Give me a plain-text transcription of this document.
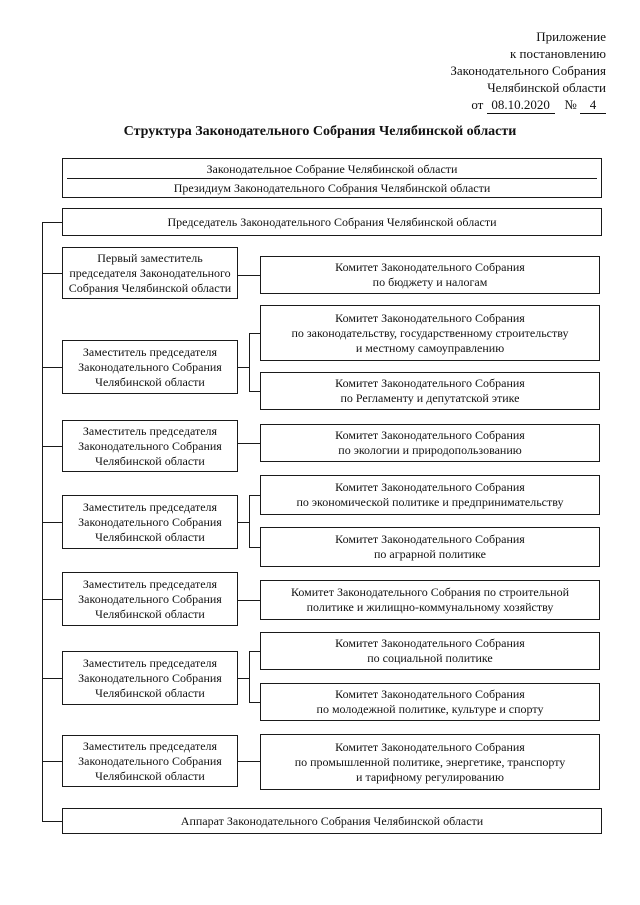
Приложение
к постановлению
Законодательного Собрания
Челябинской области
от 08.10.2020 № 4
Структура Законодательного Собрания Челябинской области
Законодательное Собрание Челябинской области
Президиум Законодательного Собрания Челябинской области
Председатель Законодательного Собрания Челябинской области
Первый заместитель
председателя Законодательного
Собрания Челябинской области
Заместитель председателя
Законодательного Собрания
Челябинской области
Заместитель председателя
Законодательного Собрания
Челябинской области
Заместитель председателя
Законодательного Собрания
Челябинской области
Заместитель председателя
Законодательного Собрания
Челябинской области
Заместитель председателя
Законодательного Собрания
Челябинской области
Заместитель председателя
Законодательного Собрания
Челябинской области
Комитет Законодательного Собрания
по бюджету и налогам
Комитет Законодательного Собрания
по законодательству, государственному строительству
и местному самоуправлению
Комитет Законодательного Собрания
по Регламенту и депутатской этике
Комитет Законодательного Собрания
по экологии и природопользованию
Комитет Законодательного Собрания
по экономической политике и предпринимательству
Комитет Законодательного Собрания
по аграрной политике
Комитет Законодательного Собрания по строительной
политике и жилищно-коммунальному хозяйству
Комитет Законодательного Собрания
по социальной политике
Комитет Законодательного Собрания
по молодежной политике, культуре и спорту
Комитет Законодательного Собрания
по промышленной политике, энергетике, транспорту
и тарифному регулированию
Аппарат Законодательного Собрания Челябинской области
